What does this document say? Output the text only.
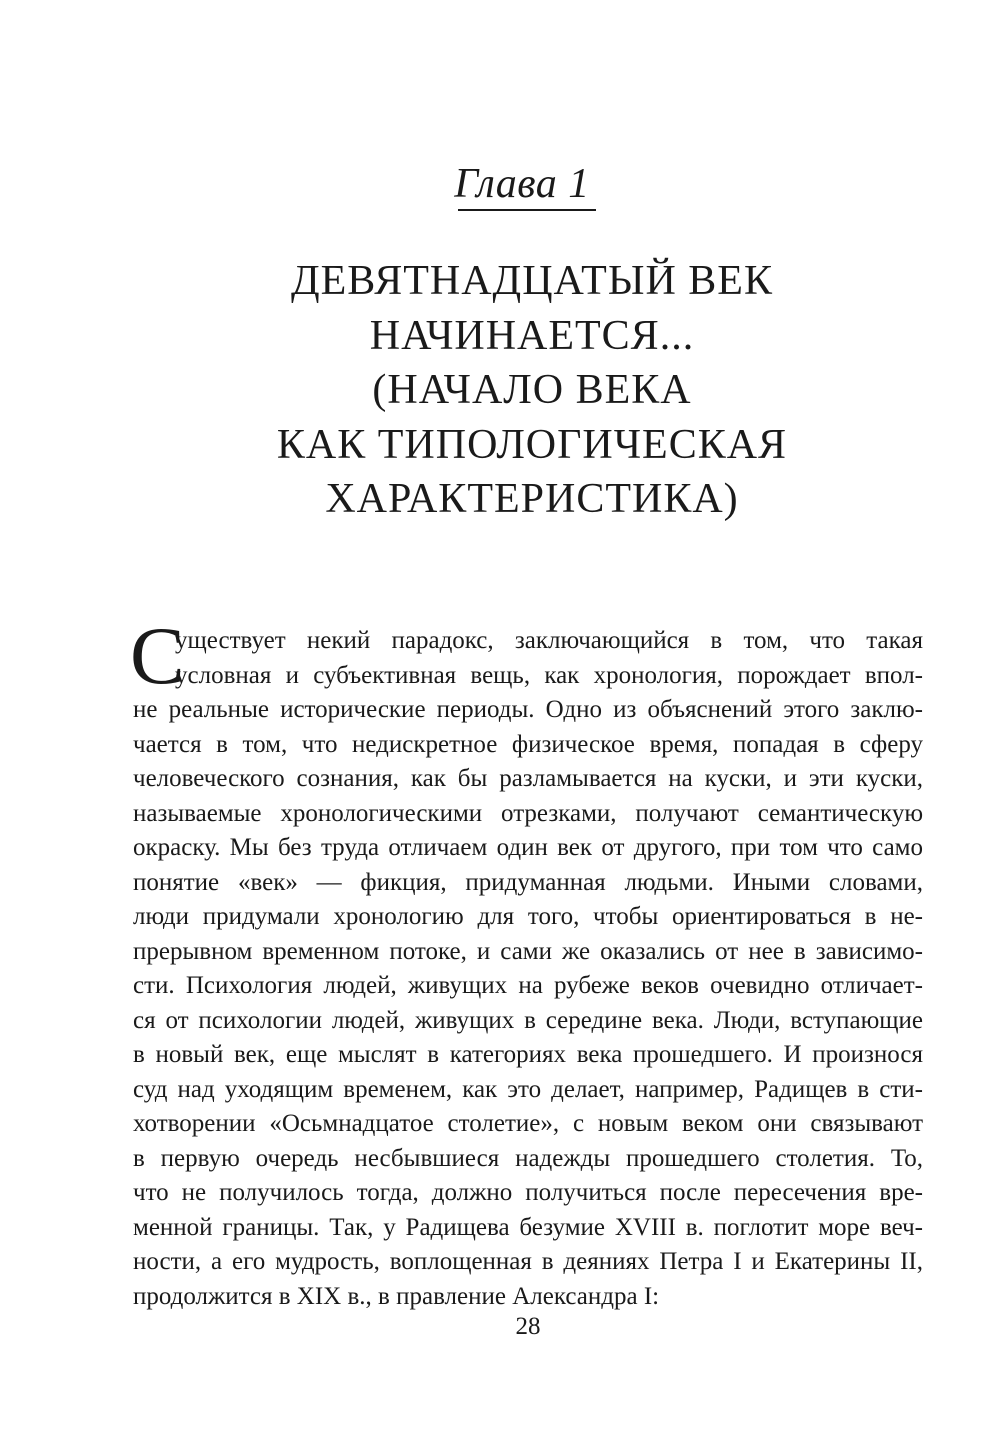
Глава 1
ДЕВЯТНАДЦАТЫЙ ВЕК
НАЧИНАЕТСЯ...
(НАЧАЛО ВЕКА
КАК ТИПОЛОГИЧЕСКАЯ
ХАРАКТЕРИСТИКА)
С
уществует некий парадокс, заключающийся в том, что такая
условная и субъективная вещь, как хронология, порождает впол-
не реальные исторические периоды. Одно из объяснений этого заклю-
чается в том, что недискретное физическое время, попадая в сферу
человеческого сознания, как бы разламывается на куски, и эти куски,
называемые хронологическими отрезками, получают семантическую
окраску. Мы без труда отличаем один век от другого, при том что само
понятие «век» — фикция, придуманная людьми. Иными словами,
люди придумали хронологию для того, чтобы ориентироваться в не-
прерывном временном потоке, и сами же оказались от нее в зависимо-
сти. Психология людей, живущих на рубеже веков очевидно отличает-
ся от психологии людей, живущих в середине века. Люди, вступающие
в новый век, еще мыслят в категориях века прошедшего. И произнося
суд над уходящим временем, как это делает, например, Радищев в сти-
хотворении «Осьмнадцатое столетие», с новым веком они связывают
в первую очередь несбывшиеся надежды прошедшего столетия. То,
что не получилось тогда, должно получиться после пересечения вре-
менной границы. Так, у Радищева безумие XVIII в. поглотит море веч-
ности, а его мудрость, воплощенная в деяниях Петра I и Екатерины II,
продолжится в XIX в., в правление Александра I:
28
